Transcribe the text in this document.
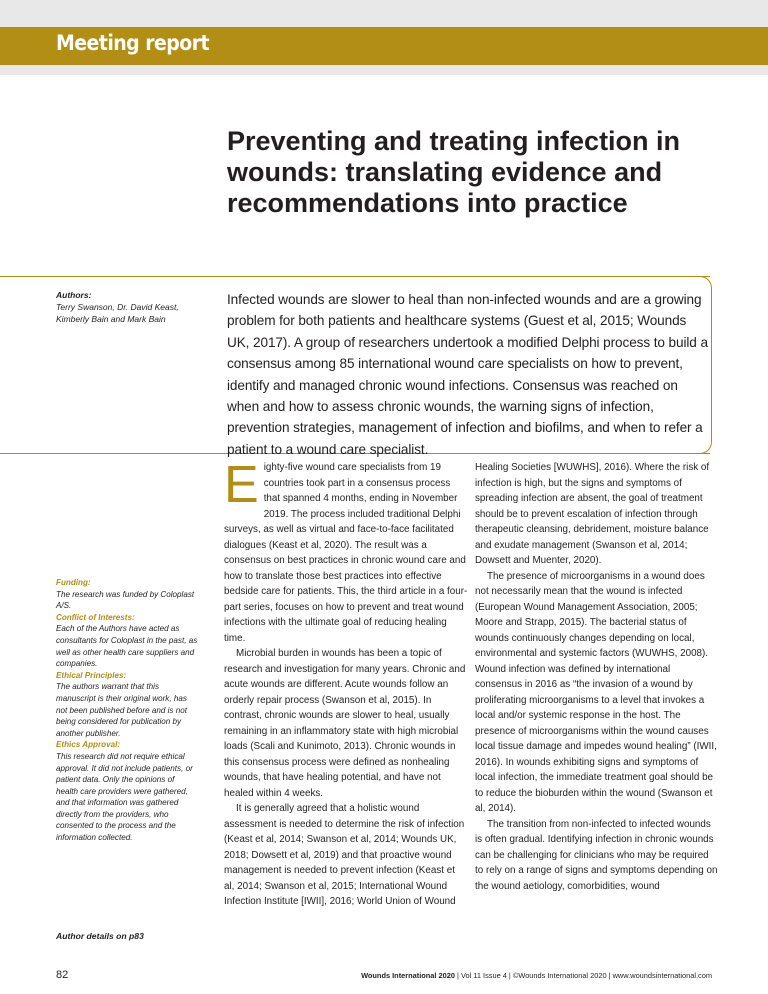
Meeting report
Preventing and treating infection in wounds: translating evidence and recommendations into practice
Authors:
Terry Swanson, Dr. David Keast, Kimberly Bain and Mark Bain

Infected wounds are slower to heal than non-infected wounds and are a growing problem for both patients and healthcare systems (Guest et al, 2015; Wounds UK, 2017). A group of researchers undertook a modified Delphi process to build a consensus among 85 international wound care specialists on how to prevent, identify and managed chronic wound infections. Consensus was reached on when and how to assess chronic wounds, the warning signs of infection, prevention strategies, management of infection and biofilms, and when to refer a patient to a wound care specialist.

Funding:

The research was funded by Coloplast A/S.

Conflict of Interests:

Each of the Authors have acted as consultants for Coloplast in the past, as well as other health care suppliers and companies.

Ethical Principles:

The authors warrant that this manuscript is their original work, has not been published before and is not being considered for publication by another publisher.

Ethics Approval:

This research did not require ethical approval. It did not include patients, or patient data. Only the opinions of health care providers were gathered, and that information was gathered directly from the providers, who consented to the process and the information collected.

Author details on p83

Eighty-five wound care specialists from 19 countries took part in a consensus process that spanned 4 months, ending in November 2019. The process included traditional Delphi surveys, as well as virtual and face-to-face facilitated dialogues (Keast et al, 2020). The result was a consensus on best practices in chronic wound care and how to translate those best practices into effective bedside care for patients. This, the third article in a four-part series, focuses on how to prevent and treat wound infections with the ultimate goal of reducing healing time.

Microbial burden in wounds has been a topic of research and investigation for many years. Chronic and acute wounds are different. Acute wounds follow an orderly repair process (Swanson et al, 2015). In contrast, chronic wounds are slower to heal, usually remaining in an inflammatory state with high microbial loads (Scali and Kunimoto, 2013). Chronic wounds in this consensus process were defined as nonhealing wounds, that have healing potential, and have not healed within 4 weeks.

It is generally agreed that a holistic wound assessment is needed to determine the risk of infection (Keast et al, 2014; Swanson et al, 2014; Wounds UK, 2018; Dowsett et al, 2019) and that proactive wound management is needed to prevent infection (Keast et al, 2014; Swanson et al, 2015; International Wound Infection Institute [IWII], 2016; World Union of Wound

Healing Societies [WUWHS], 2016). Where the risk of infection is high, but the signs and symptoms of spreading infection are absent, the goal of treatment should be to prevent escalation of infection through therapeutic cleansing, debridement, moisture balance and exudate management (Swanson et al, 2014; Dowsett and Muenter, 2020).

The presence of microorganisms in a wound does not necessarily mean that the wound is infected (European Wound Management Association, 2005; Moore and Strapp, 2015). The bacterial status of wounds continuously changes depending on local, environmental and systemic factors (WUWHS, 2008). Wound infection was defined by international consensus in 2016 as “the invasion of a wound by proliferating microorganisms to a level that invokes a local and/or systemic response in the host. The presence of microorganisms within the wound causes local tissue damage and impedes wound healing” (IWII, 2016). In wounds exhibiting signs and symptoms of local infection, the immediate treatment goal should be to reduce the bioburden within the wound (Swanson et al, 2014).

The transition from non-infected to infected wounds is often gradual. Identifying infection in chronic wounds can be challenging for clinicians who may be required to rely on a range of signs and symptoms depending on the wound aetiology, comorbidities, wound

82	Wounds International 2020 | Vol 11 Issue 4 | ©Wounds International 2020 | www.woundsinternational.com
